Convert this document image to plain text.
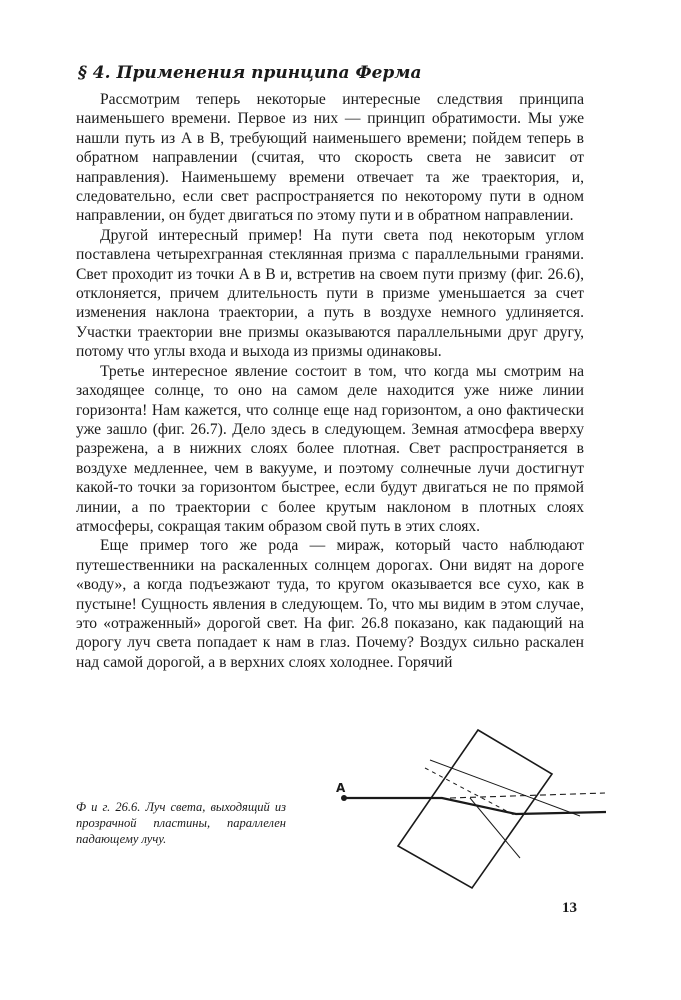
§ 4. Применения принципа Ферма

Рассмотрим теперь некоторые интересные следствия принципа наименьшего времени. Первое из них — принцип обратимости. Мы уже нашли путь из A в B, требующий наименьшего времени; пойдем теперь в обратном направлении (считая, что скорость света не зависит от направления). Наименьшему времени отвечает та же траектория, и, следовательно, если свет распространяется по некоторому пути в одном направлении, он будет двигаться по этому пути и в обратном направлении.

Другой интересный пример! На пути света под некоторым углом поставлена четырехгранная стеклянная призма с параллельными гранями. Свет проходит из точки A в B и, встретив на своем пути призму (фиг. 26.6), отклоняется, причем длительность пути в призме уменьшается за счет изменения наклона траектории, а путь в воздухе немного удлиняется. Участки траектории вне призмы оказываются параллельными друг другу, потому что углы входа и выхода из призмы одинаковы.

Третье интересное явление состоит в том, что когда мы смотрим на заходящее солнце, то оно на самом деле находится уже ниже линии горизонта! Нам кажется, что солнце еще над горизонтом, а оно фактически уже зашло (фиг. 26.7). Дело здесь в следующем. Земная атмосфера вверху разрежена, а в нижних слоях более плотная. Свет распространяется в воздухе медленнее, чем в вакууме, и поэтому солнечные лучи достигнут какой-то точки за горизонтом быстрее, если будут двигаться не по прямой линии, а по траектории с более крутым наклоном в плотных слоях атмосферы, сокращая таким образом свой путь в этих слоях.

Еще пример того же рода — мираж, который часто наблюдают путешественники на раскаленных солнцем дорогах. Они видят на дороге «воду», а когда подъезжают туда, то кругом оказывается все сухо, как в пустыне! Сущность явления в следующем. То, что мы видим в этом случае, это «отраженный» дорогой свет. На фиг. 26.8 показано, как падающий на дорогу луч света попадает к нам в глаз. Почему? Воздух сильно раскален над самой дорогой, а в верхних слоях холоднее. Горячий

Ф и г. 26.6. Луч света, выходящий из прозрачной пластины, параллелен падающему лучу.
A
13
